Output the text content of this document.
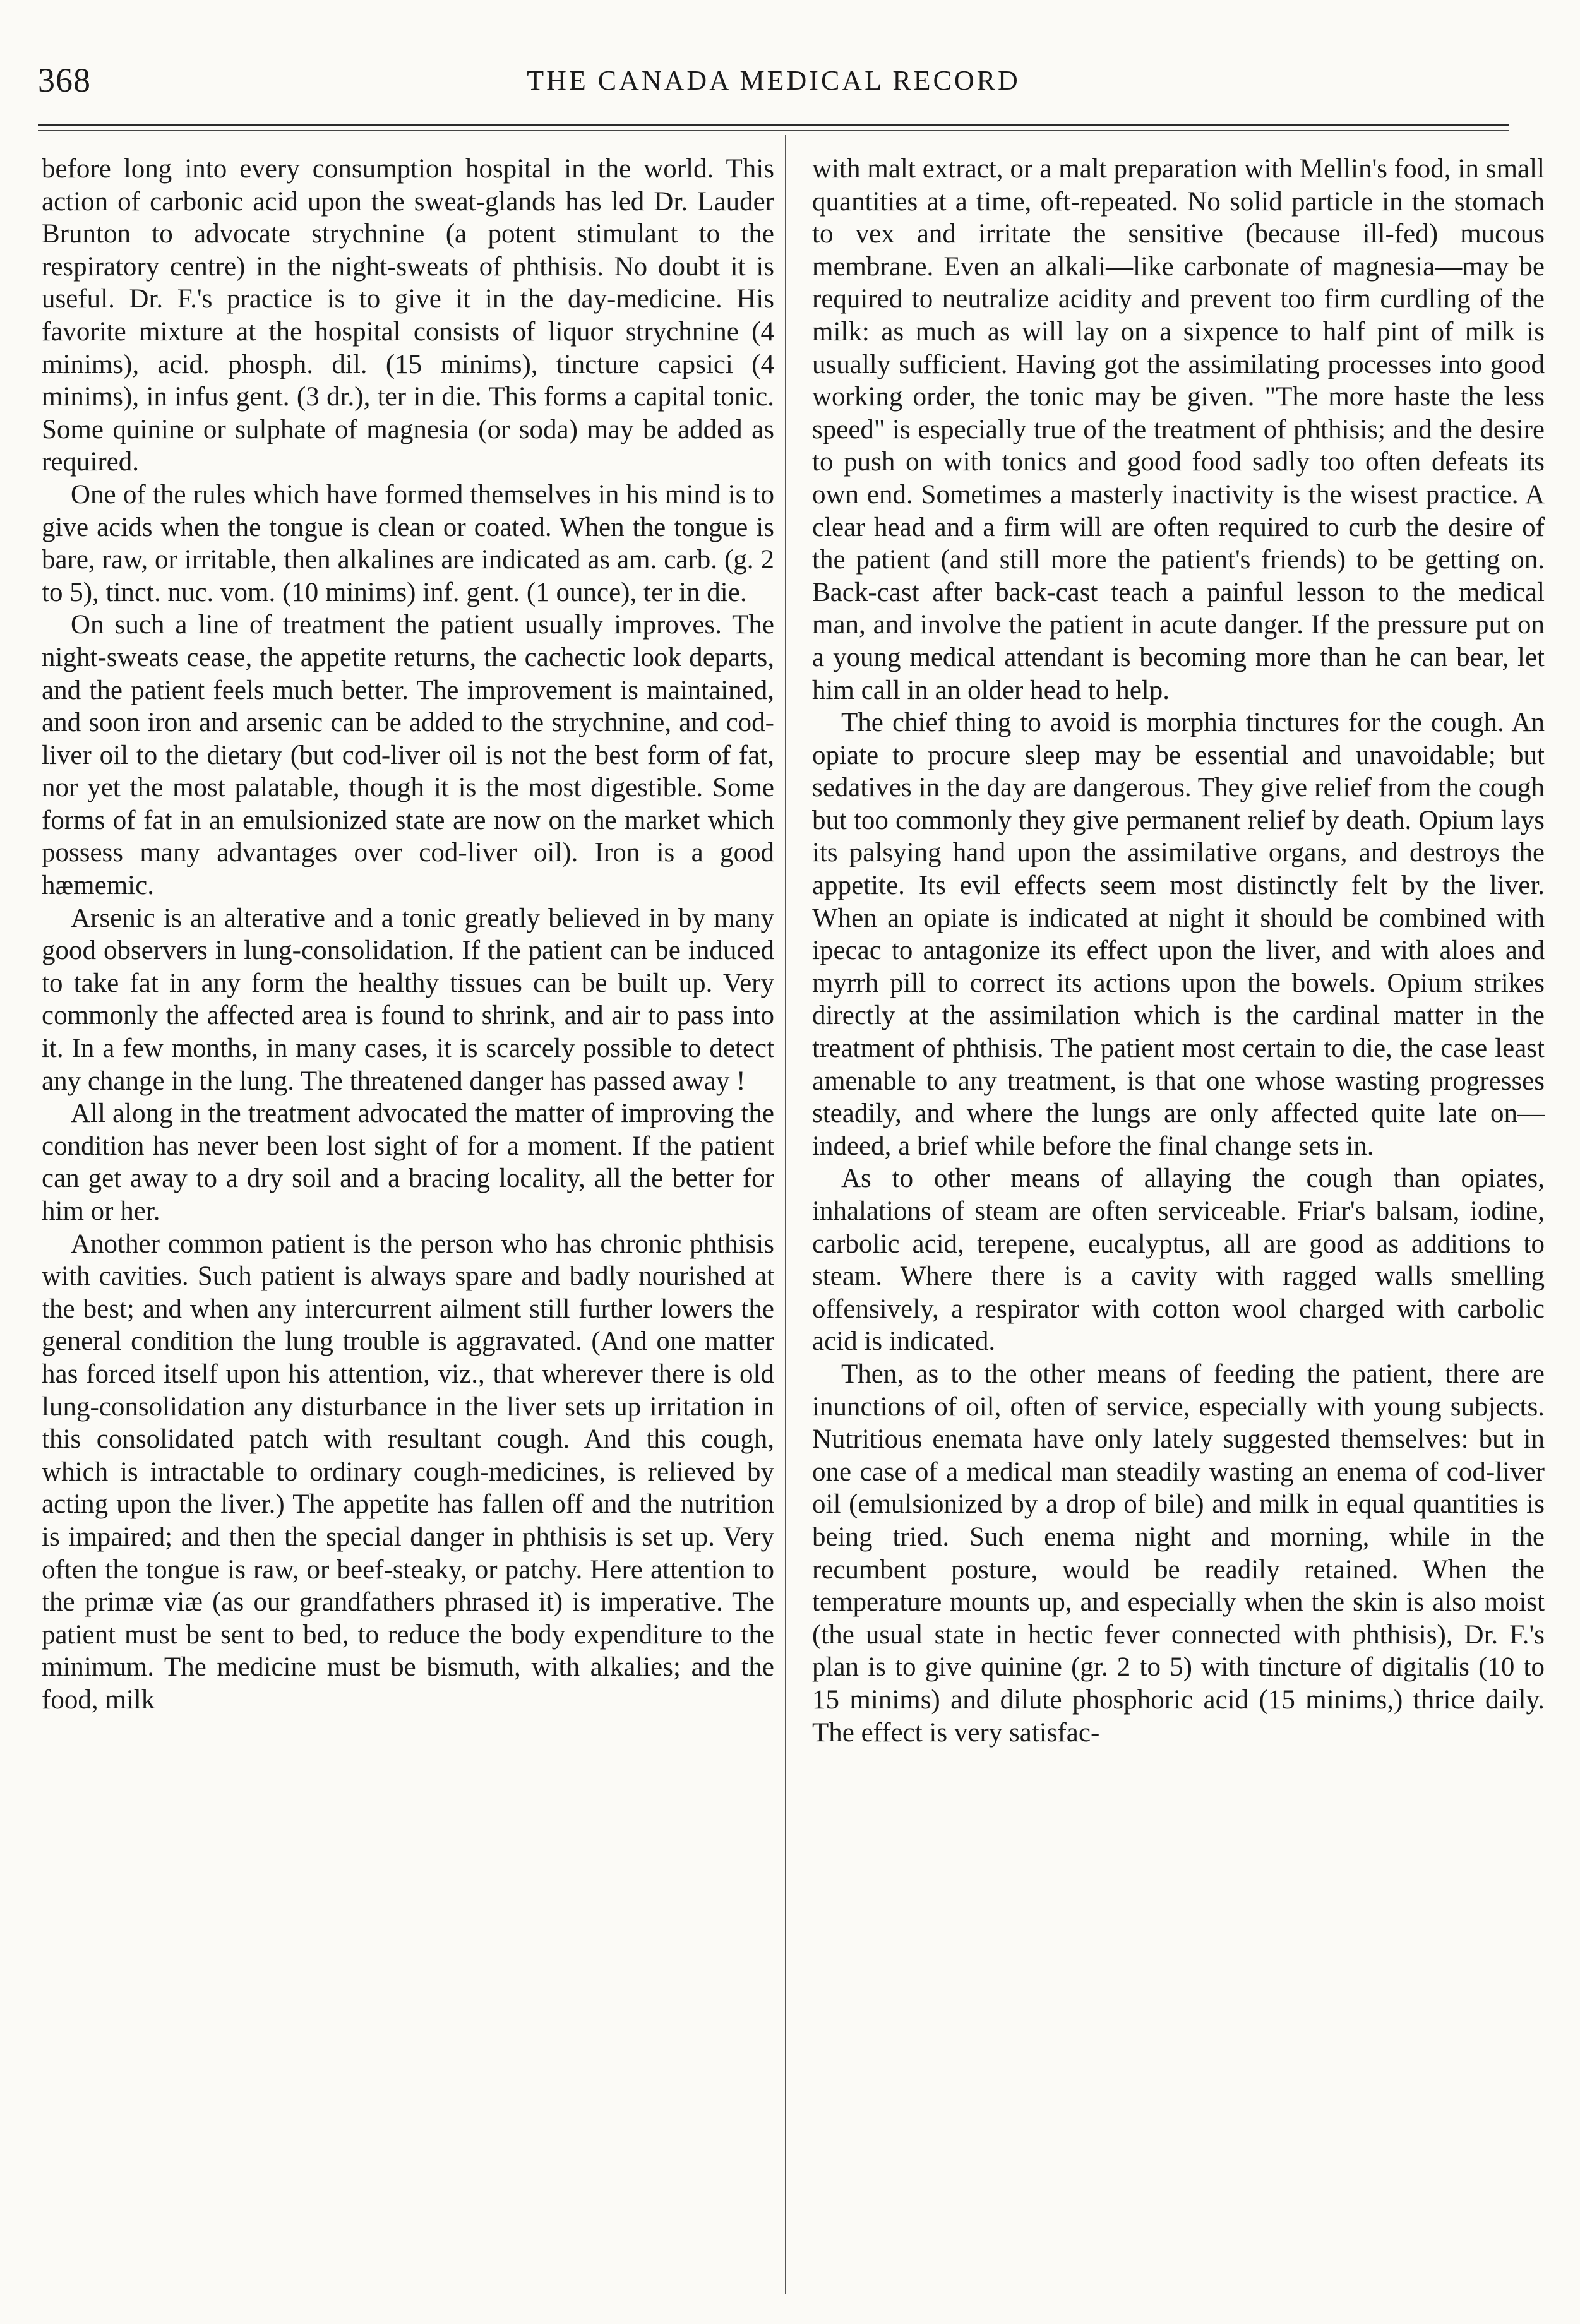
368	THE CANADA MEDICAL RECORD

before long into every consumption hospital in the world. This action of carbonic acid upon the sweat-glands has led Dr. Lauder Brunton to advocate strychnine (a potent stimulant to the respiratory centre) in the night-sweats of phthisis. No doubt it is useful. Dr. F.'s practice is to give it in the day-medicine. His favorite mixture at the hospital consists of liquor strychnine (4 minims), acid. phosph. dil. (15 minims), tincture capsici (4 minims), in infus gent. (3 dr.), ter in die. This forms a capital tonic. Some quinine or sulphate of magnesia (or soda) may be added as required.

One of the rules which have formed themselves in his mind is to give acids when the tongue is clean or coated. When the tongue is bare, raw, or irritable, then alkalines are indicated as am. carb. (g. 2 to 5), tinct. nuc. vom. (10 minims) inf. gent. (1 ounce), ter in die.

On such a line of treatment the patient usually improves. The night-sweats cease, the appetite returns, the cachectic look departs, and the patient feels much better. The improvement is maintained, and soon iron and arsenic can be added to the strychnine, and cod-liver oil to the dietary (but cod-liver oil is not the best form of fat, nor yet the most palatable, though it is the most digestible. Some forms of fat in an emulsionized state are now on the market which possess many advantages over cod-liver oil). Iron is a good hæmemic.

Arsenic is an alterative and a tonic greatly believed in by many good observers in lung-consolidation. If the patient can be induced to take fat in any form the healthy tissues can be built up. Very commonly the affected area is found to shrink, and air to pass into it. In a few months, in many cases, it is scarcely possible to detect any change in the lung. The threatened danger has passed away !

All along in the treatment advocated the matter of improving the condition has never been lost sight of for a moment. If the patient can get away to a dry soil and a bracing locality, all the better for him or her.

Another common patient is the person who has chronic phthisis with cavities. Such patient is always spare and badly nourished at the best; and when any intercurrent ailment still further lowers the general condition the lung trouble is aggravated. (And one matter has forced itself upon his attention, viz., that wherever there is old lung-consolidation any disturbance in the liver sets up irritation in this consolidated patch with resultant cough. And this cough, which is intractable to ordinary cough-medicines, is relieved by acting upon the liver.) The appetite has fallen off and the nutrition is impaired; and then the special danger in phthisis is set up. Very often the tongue is raw, or beef-steaky, or patchy. Here attention to the primæ viæ (as our grandfathers phrased it) is imperative. The patient must be sent to bed, to reduce the body expenditure to the minimum. The medicine must be bismuth, with alkalies; and the food, milk

with malt extract, or a malt preparation with Mellin's food, in small quantities at a time, oft-repeated. No solid particle in the stomach to vex and irritate the sensitive (because ill-fed) mucous membrane. Even an alkali—like carbonate of magnesia—may be required to neutralize acidity and prevent too firm curdling of the milk: as much as will lay on a sixpence to half pint of milk is usually sufficient. Having got the assimilating processes into good working order, the tonic may be given. "The more haste the less speed" is especially true of the treatment of phthisis; and the desire to push on with tonics and good food sadly too often defeats its own end. Sometimes a masterly inactivity is the wisest practice. A clear head and a firm will are often required to curb the desire of the patient (and still more the patient's friends) to be getting on. Back-cast after back-cast teach a painful lesson to the medical man, and involve the patient in acute danger. If the pressure put on a young medical attendant is becoming more than he can bear, let him call in an older head to help.

The chief thing to avoid is morphia tinctures for the cough. An opiate to procure sleep may be essential and unavoidable; but sedatives in the day are dangerous. They give relief from the cough but too commonly they give permanent relief by death. Opium lays its palsying hand upon the assimilative organs, and destroys the appetite. Its evil effects seem most distinctly felt by the liver. When an opiate is indicated at night it should be combined with ipecac to antagonize its effect upon the liver, and with aloes and myrrh pill to correct its actions upon the bowels. Opium strikes directly at the assimilation which is the cardinal matter in the treatment of phthisis. The patient most certain to die, the case least amenable to any treatment, is that one whose wasting progresses steadily, and where the lungs are only affected quite late on—indeed, a brief while before the final change sets in.

As to other means of allaying the cough than opiates, inhalations of steam are often serviceable. Friar's balsam, iodine, carbolic acid, terepene, eucalyptus, all are good as additions to steam. Where there is a cavity with ragged walls smelling offensively, a respirator with cotton wool charged with carbolic acid is indicated.

Then, as to the other means of feeding the patient, there are inunctions of oil, often of service, especially with young subjects. Nutritious enemata have only lately suggested themselves: but in one case of a medical man steadily wasting an enema of cod-liver oil (emulsionized by a drop of bile) and milk in equal quantities is being tried. Such enema night and morning, while in the recumbent posture, would be readily retained. When the temperature mounts up, and especially when the skin is also moist (the usual state in hectic fever connected with phthisis), Dr. F.'s plan is to give quinine (gr. 2 to 5) with tincture of digitalis (10 to 15 minims) and dilute phosphoric acid (15 minims,) thrice daily. The effect is very satisfac-
